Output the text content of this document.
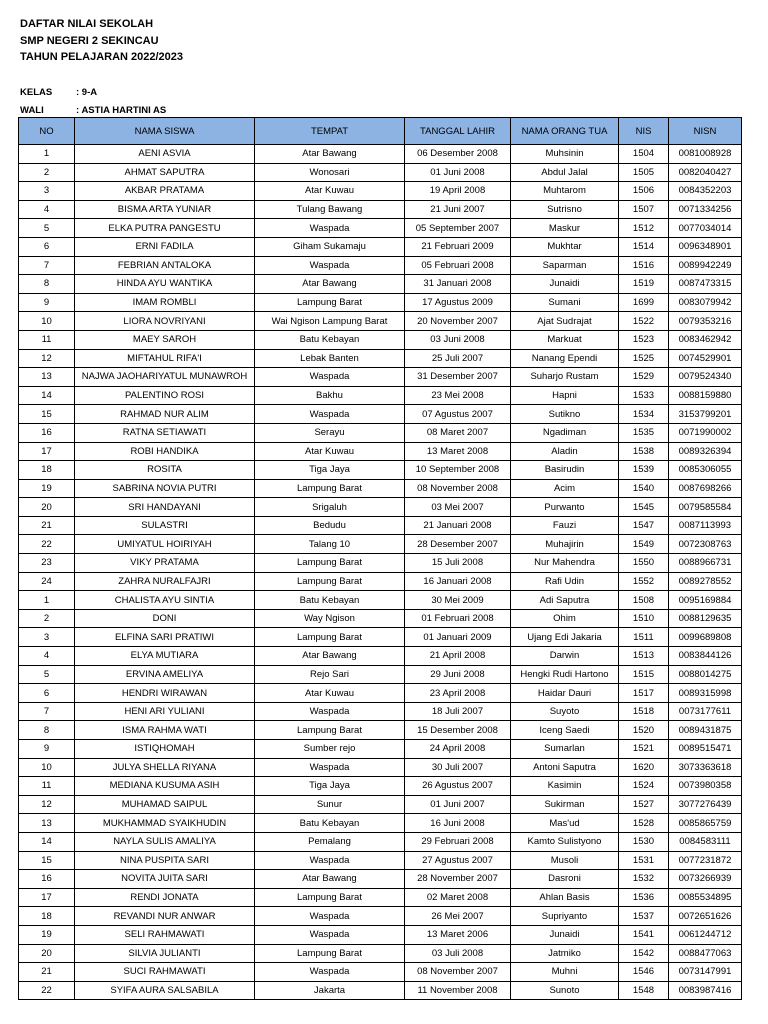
DAFTAR NILAI SEKOLAH
SMP NEGERI 2 SEKINCAU
TAHUN PELAJARAN 2022/2023
KELAS	: 9-A
WALI	: ASTIA HARTINI AS
NO	NAMA SISWA	TEMPAT	TANGGAL LAHIR	NAMA ORANG TUA	NIS	NISN
1	AENI ASVIA	Atar Bawang	06 Desember 2008	Muhsinin	1504	0081008928
2	AHMAT SAPUTRA	Wonosari	01 Juni 2008	Abdul Jalal	1505	0082040427
3	AKBAR PRATAMA	Atar Kuwau	19 April 2008	Muhtarom	1506	0084352203
4	BISMA ARTA YUNIAR	Tulang Bawang	21 Juni 2007	Sutrisno	1507	0071334256
5	ELKA PUTRA PANGESTU	Waspada	05 September 2007	Maskur	1512	0077034014
6	ERNI FADILA	Giham Sukamaju	21 Februari 2009	Mukhtar	1514	0096348901
7	FEBRIAN ANTALOKA	Waspada	05 Februari 2008	Saparman	1516	0089942249
8	HINDA AYU WANTIKA	Atar Bawang	31 Januari 2008	Junaidi	1519	0087473315
9	IMAM ROMBLI	Lampung Barat	17 Agustus 2009	Sumani	1699	0083079942
10	LIORA NOVRIYANI	Wai Ngison Lampung Barat	20 November 2007	Ajat Sudrajat	1522	0079353216
11	MAEY SAROH	Batu Kebayan	03 Juni 2008	Markuat	1523	0083462942
12	MIFTAHUL RIFA'I	Lebak Banten	25 Juli 2007	Nanang Ependi	1525	0074529901
13	NAJWA JAOHARIYATUL MUNAWROH	Waspada	31 Desember 2007	Suharjo Rustam	1529	0079524340
14	PALENTINO ROSI	Bakhu	23 Mei 2008	Hapni	1533	0088159880
15	RAHMAD NUR ALIM	Waspada	07 Agustus 2007	Sutikno	1534	3153799201
16	RATNA SETIAWATI	Serayu	08 Maret 2007	Ngadiman	1535	0071990002
17	ROBI HANDIKA	Atar Kuwau	13 Maret 2008	Aladin	1538	0089326394
18	ROSITA	Tiga Jaya	10 September 2008	Basirudin	1539	0085306055
19	SABRINA NOVIA PUTRI	Lampung Barat	08 November 2008	Acim	1540	0087698266
20	SRI HANDAYANI	Srigaluh	03 Mei 2007	Purwanto	1545	0079585584
21	SULASTRI	Bedudu	21 Januari 2008	Fauzi	1547	0087113993
22	UMIYATUL HOIRIYAH	Talang 10	28 Desember 2007	Muhajirin	1549	0072308763
23	VIKY PRATAMA	Lampung Barat	15 Juli 2008	Nur Mahendra	1550	0088966731
24	ZAHRA NURALFAJRI	Lampung Barat	16 Januari 2008	Rafi Udin	1552	0089278552
1	CHALISTA AYU SINTIA	Batu Kebayan	30 Mei 2009	Adi Saputra	1508	0095169884
2	DONI	Way Ngison	01 Februari 2008	Ohim	1510	0088129635
3	ELFINA SARI PRATIWI	Lampung Barat	01 Januari 2009	Ujang Edi Jakaria	1511	0099689808
4	ELYA MUTIARA	Atar Bawang	21 April 2008	Darwin	1513	0083844126
5	ERVINA AMELIYA	Rejo Sari	29 Juni 2008	Hengki Rudi Hartono	1515	0088014275
6	HENDRI WIRAWAN	Atar Kuwau	23 April 2008	Haidar Dauri	1517	0089315998
7	HENI ARI YULIANI	Waspada	18 Juli 2007	Suyoto	1518	0073177611
8	ISMA RAHMA WATI	Lampung Barat	15 Desember 2008	Iceng Saedi	1520	0089431875
9	ISTIQHOMAH	Sumber rejo	24 April 2008	Sumarlan	1521	0089515471
10	JULYA SHELLA RIYANA	Waspada	30 Juli 2007	Antoni Saputra	1620	3073363618
11	MEDIANA KUSUMA ASIH	Tiga Jaya	26 Agustus 2007	Kasimin	1524	0073980358
12	MUHAMAD SAIPUL	Sunur	01 Juni 2007	Sukirman	1527	3077276439
13	MUKHAMMAD SYAIKHUDIN	Batu Kebayan	16 Juni 2008	Mas'ud	1528	0085865759
14	NAYLA SULIS AMALIYA	Pemalang	29 Februari 2008	Kamto Sulistyono	1530	0084583111
15	NINA PUSPITA SARI	Waspada	27 Agustus 2007	Musoli	1531	0077231872
16	NOVITA JUITA SARI	Atar Bawang	28 November 2007	Dasroni	1532	0073266939
17	RENDI JONATA	Lampung Barat	02 Maret 2008	Ahlan Basis	1536	0085534895
18	REVANDI NUR ANWAR	Waspada	26 Mei 2007	Supriyanto	1537	0072651626
19	SELI RAHMAWATI	Waspada	13 Maret 2006	Junaidi	1541	0061244712
20	SILVIA JULIANTI	Lampung Barat	03 Juli 2008	Jatmiko	1542	0088477063
21	SUCI RAHMAWATI	Waspada	08 November 2007	Muhni	1546	0073147991
22	SYIFA AURA SALSABILA	Jakarta	11 November 2008	Sunoto	1548	0083987416
